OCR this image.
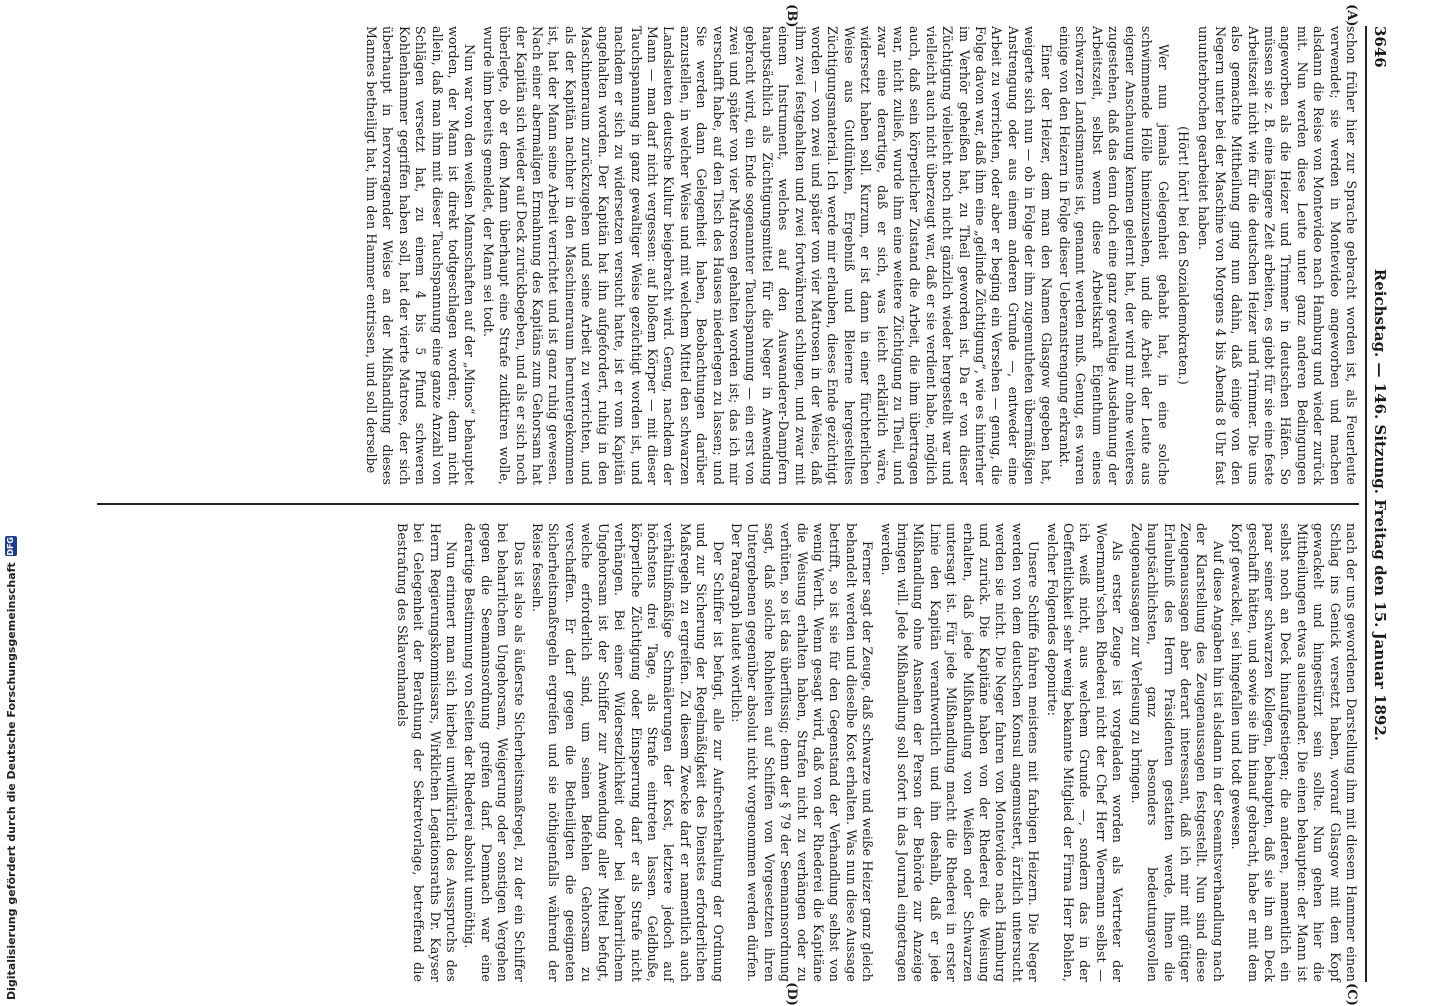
3646
Reichstag. — 146. Sitzung. Freitag den 15. Januar 1892.
(A)
(B)

schon früher hier zur Sprache gebracht worden ist, als Feuerleute verwendet; sie werden in Montevideo angeworben und machen alsdann die Reise von Montevideo nach Hamburg und wieder zurück mit. Nun werden diese Leute unter ganz anderen Bedingungen angeworben als die Heizer und Trimmer in deutschen Häfen. So müssen sie z. B. eine längere Zeit arbeiten, es giebt für sie eine feste Arbeitszeit nicht wie für die deutschen Heizer und Trimmer. Die uns also gemachte Mittheilung ging nun dahin, daß einige von den Negern unter bei der Maschine von Morgens 4 bis Abends 8 Uhr fast ununterbrochen gearbeitet haben.

(Hört! hört! bei den Sozialdemokraten.)

Wer nun jemals Gelegenheit gehabt hat, in eine solche schwimmende Hölle hineinzusehen, und die Arbeit der Leute aus eigener Anschauung kennen gelernt hat, der wird mir ohne weiteres zugestehen, daß das denn doch eine ganz gewaltige Ausdehnung der Arbeitszeit, selbst wenn diese Arbeitskraft Eigenthum eines schwarzen Landsmannes ist, genannt werden muß. Genug, es waren einige von den Heizern in Folge dieser Ueberanstrengung erkrankt.

Einer der Heizer, dem man den Namen Glasgow gegeben hat, weigerte sich nun — ob in Folge der ihm zugemutheten übermäßigen Anstrengung oder aus einem anderen Grunde —, entweder eine Arbeit zu verrichten, oder aber er beging ein Versehen — genug, die Folge davon war, daß ihm eine „gelinde Züchtigung“, wie es hinterher im Verhör geheißen hat, zu Theil geworden ist. Da er von dieser Züchtigung vielleicht noch nicht gänzlich wieder hergestellt war und vielleicht auch nicht überzeugt war, daß er sie verdient habe, möglich auch, daß sein körperlicher Zustand die Arbeit, die ihm übertragen war, nicht zuließ, wurde ihm eine weitere Züchtigung zu Theil, und zwar eine derartige, daß er sich, was leicht erklärlich wäre, widersetzt haben soll. Kurzum, er ist dann in einer fürchterlichen Weise aus Gutdünken, Ergebniß und Bleierne hergestelltes Züchtigungsmaterial. Ich werde mir erlauben, dieses Ende gezüchtigt worden — von zwei und später von vier Matrosen in der Weise, daß ihm zwei festgehalten und zwei fortwährend schlugen, und zwar mit einem Instrument, welches auf den Auswanderer-Dampfern hauptsächlich als Züchtigungsmittel für die Neger in Anwendung gebracht wird, ein Ende sogenannter Tauchspannung — ein erst von zwei und später von vier Matrosen gehalten worden ist; das ich mir verschafft habe, auf den Tisch des Hauses niederlegen zu lassen; und Sie werden dann Gelegenheit haben, Beobachtungen darüber anzustellen, in welcher Weise und mit welchem Mittel den schwarzen Landsleuten deutsche Kultur beigebracht wird. Genug, nachdem der Mann — man darf nicht vergessen: auf bloßem Körper — mit dieser Tauchspannung in ganz gewaltiger Weise gezüchtigt worden ist, und nachdem er sich zu widersetzen versucht hatte, ist er vom Kapitän angehalten worden. Der Kapitän hat ihn aufgefordert, ruhig in den Maschinenraum zurückzugehen und seine Arbeit zu verrichten, und als der Kapitän nachher in den Maschinenraum heruntergekommen ist, hat der Mann seine Arbeit verrichtet und ist ganz ruhig gewesen. Nach einer abermaligen Ermahnung des Kapitäns zum Gehorsam hat der Kapitän sich wieder auf Deck zurückbegeben, und als er sich noch überlegte, ob er dem Mann überhaupt eine Strafe zudiktiren wolle, wurde ihm bereits gemeldet, der Mann sei todt.

Nun war von den weißen Mannschaften auf der „Minos“ behauptet worden, der Mann ist direkt todtgeschlagen worden; denn nicht allein, daß man ihm mit dieser Tauchspannung eine ganze Anzahl von Schlägen versetzt hat, zu einem 4 bis 5 Pfund schweren Kohlenhammer gegriffen haben soll, hat der vierte Matrose, der sich überhaupt in hervorragender Weise an der Mißhandlung dieses Mannes betheiligt hat, ihm den Hammer entrissen, und soll derselbe

(C)
(D)

nach der uns gewordenen Darstellung ihm mit diesem Hammer einen Schlag ins Genick versetzt haben, worauf Glasgow mit dem Kopf gewackelt und hingestürzt sein sollte. Nun gehen hier die Mittheilungen etwas auseinander. Die einen behaupten: der Mann ist selbst noch an Deck hinaufgestiegen; die anderen, namentlich ein paar seiner schwarzen Kollegen, behaupten, daß sie ihn an Deck geschafft hätten, und sowie sie ihn hinauf gebracht, habe er mit dem Kopf gewackelt, sei hingefallen und todt gewesen.

Auf diese Angaben hin ist alsdann in der Seeamtsverhandlung nach der Klarstellung des Zeugenaussagen festgestellt. Nun sind diese Zeugenaussagen aber derart interessant, daß ich mir mit gütiger Erlaubniß des Herrn Präsidenten gestatten werde, Ihnen die hauptsächlichsten, ganz besonders bedeutungsvollen Zeugenaussagen zur Verlesung zu bringen.

Als erster Zeuge ist vorgeladen worden als Vertreter der Woermann'schen Rhederei nicht der Chef Herr Woermann selbst — ich weiß nicht, aus welchem Grunde —, sondern das in der Oeffentlichkeit sehr wenig bekannte Mitglied der Firma Herr Bohlen, welcher Folgendes deponirte:

Unsere Schiffe fahren meistens mit farbigen Heizern. Die Neger werden von dem deutschen Konsul angemustert, ärztlich untersucht werden sie nicht. Die Neger fahren von Montevideo nach Hamburg und zurück. Die Kapitäne haben von der Rhederei die Weisung erhalten, daß jede Mißhandlung von Weißen oder Schwarzen untersagt ist. Für jede Mißhandlung macht die Rhederei in erster Linie den Kapitän verantwortlich und ihn deshalb, daß er jede Mißhandlung ohne Ansehen der Person der Behörde zur Anzeige bringen will. Jede Mißhandlung soll sofort in das Journal eingetragen werden.

Ferner sagt der Zeuge, daß schwarze und weiße Heizer ganz gleich behandelt werden und dieselbe Kost erhalten. Was nun diese Aussage betrifft, so ist sie für den Gegenstand der Verhandlung selbst von wenig Werth. Wenn gesagt wird, daß von der Rhederei die Kapitäne die Weisung erhalten haben, Strafen nicht zu verhängen oder zu verhüten, so ist das überflüssig; denn der § 79 der Seemannsordnung sagt, daß solche Rohheiten auf Schiffen von Vorgesetzten ihren Untergebenen gegenüber absolut nicht vorgenommen werden dürfen. Der Paragraph lautet wörtlich:

Der Schiffer ist befugt, alle zur Aufrechterhaltung der Ordnung und zur Sicherung der Regelmäßigkeit des Dienstes erforderlichen Maßregeln zu ergreifen. Zu diesem Zwecke darf er namentlich auch verhältnißmäßige Schmälerungen der Kost, letztere jedoch auf höchstens drei Tage, als Strafe eintreten lassen. Geldbuße, körperliche Züchtigung oder Einsperrung darf er als Strafe nicht verhängen. Bei einer Widersetzlichkeit oder bei beharrlichem Ungehorsam ist der Schiffer zur Anwendung aller Mittel befugt, welche erforderlich sind, um seinen Befehlen Gehorsam zu verschaffen. Er darf gegen die Betheiligten die geeigneten Sicherheitsmaßregeln ergreifen und sie nöthigenfalls während der Reise fesseln.

Das ist also als äußerste Sicherheitsmaßregel, zu der ein Schiffer bei beharrlichem Ungehorsam, Weigerung oder sonstigen Vergehen gegen die Seemannsordnung greifen darf. Demnach war eine derartige Bestimmung von Seiten der Rhederei absolut unnöthig.

Nun erinnert man sich hierbei unwillkürlich des Ausspruchs des Herrn Regierungskommissars, Wirklichen Legationsraths Dr. Kayser bei Gelegenheit der Berathung der Sekretvorlage, betreffend die Bestrafung des Sklavenhandels

Digitalisierung gefördert durch die Deutsche Forschungsgemeinschaft
DFG
